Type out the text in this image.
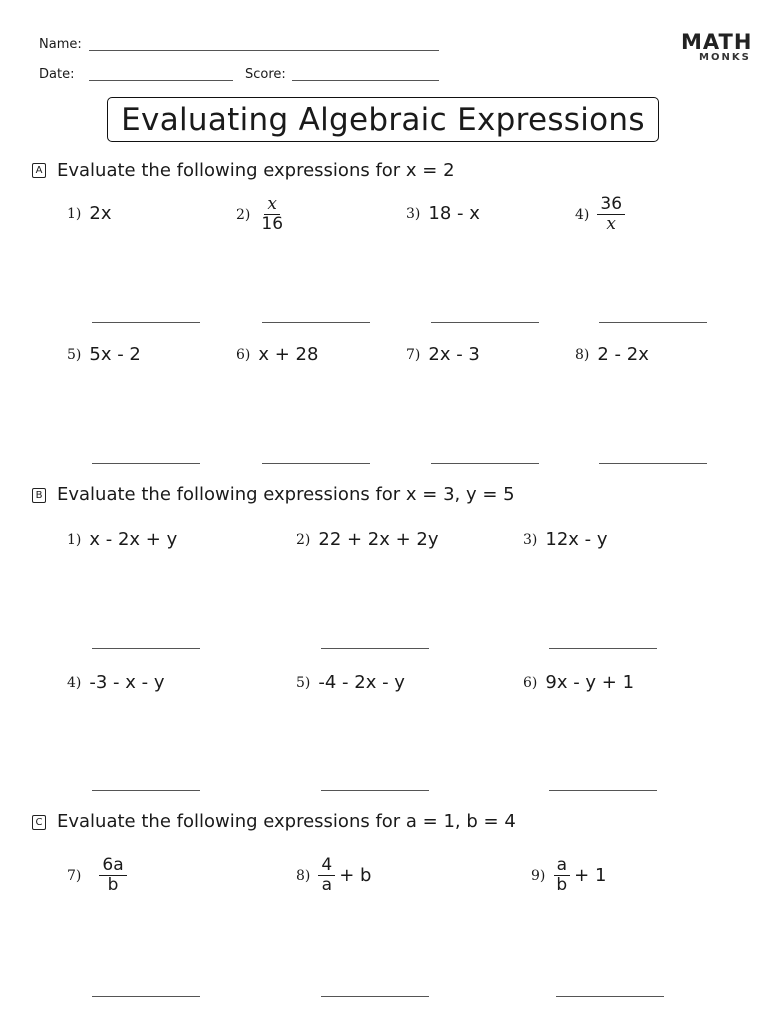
Name:
Date:	Score:
MATH
MONKS
Evaluating Algebraic Expressions
A Evaluate the following expressions for x = 2
1) 2x	$2) \frac{x}{16}$	3) 18 - x	$4) \frac{36}{x}$
5) 5x - 2	6) x + 28	7) 2x - 3	8) 2 - 2x
B Evaluate the following expressions for x = 3, y = 5
1) x - 2x + y	2) 22 + 2x + 2y	3) 12x - y
4) -3 - x - y	5) -4 - 2x - y	6) 9x - y + 1
C Evaluate the following expressions for a = 1, b = 4
$7) \frac{6a}{b}$	$8) \frac{4}{a} + b$	$9) \frac{a}{b} + 1$
